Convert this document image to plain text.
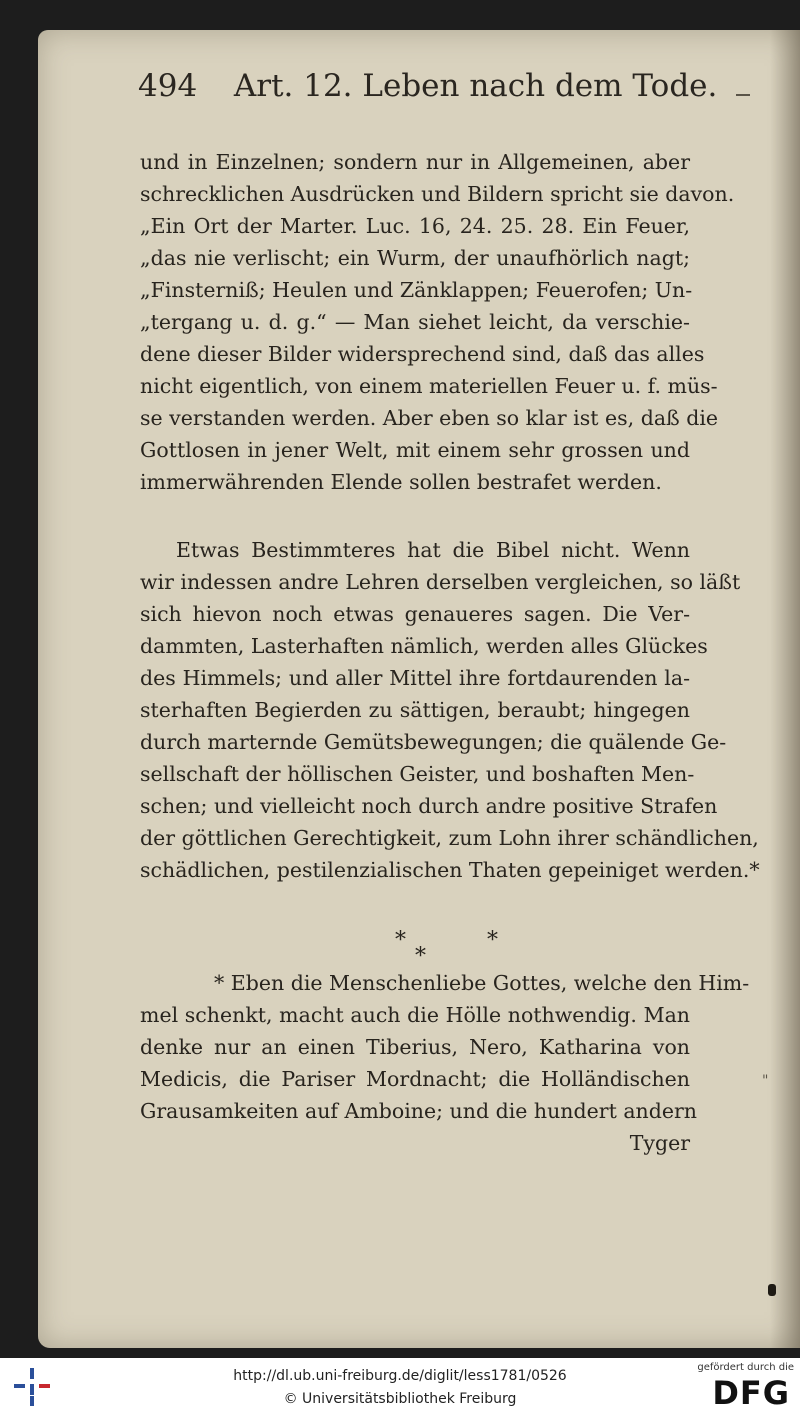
494 Art. 12. Leben nach dem Tode.
und in Einzelnen; sondern nur in Allgemeinen, aber
schrecklichen Ausdrücken und Bildern spricht sie davon.
„Ein Ort der Marter. Luc. 16, 24. 25. 28. Ein Feuer,
„das nie verlischt; ein Wurm, der unaufhörlich nagt;
„Finsterniß; Heulen und Zänklappen; Feuerofen; Un-
„tergang u. d. g.“ — Man siehet leicht, da verschie-
dene dieser Bilder widersprechend sind, daß das alles
nicht eigentlich, von einem materiellen Feuer u. f. müs-
se verstanden werden. Aber eben so klar ist es, daß die
Gottlosen in jener Welt, mit einem sehr grossen und
immerwährenden Elende sollen bestrafet werden.
Etwas Bestimmteres hat die Bibel nicht. Wenn
wir indessen andre Lehren derselben vergleichen, so läßt
sich hievon noch etwas genaueres sagen. Die Ver-
dammten, Lasterhaften nämlich, werden alles Glückes
des Himmels; und aller Mittel ihre fortdaurenden la-
sterhaften Begierden zu sättigen, beraubt; hingegen
durch marternde Gemütsbewegungen; die quälende Ge-
sellschaft der höllischen Geister, und boshaften Men-
schen; und vielleicht noch durch andre positive Strafen
der göttlichen Gerechtigkeit, zum Lohn ihrer schändlichen,
schädlichen, pestilenzialischen Thaten gepeiniget werden.*
*
*
*
* Eben die Menschenliebe Gottes, welche den Him-
mel schenkt, macht auch die Hölle nothwendig. Man
denke nur an einen Tiberius, Nero, Katharina von
Medicis, die Pariser Mordnacht; die Holländischen
Grausamkeiten auf Amboine; und die hundert andern
Tyger
"
http://dl.ub.uni-freiburg.de/diglit/less1781/0526
© Universitätsbibliothek Freiburg
gefördert durch die
DFG
